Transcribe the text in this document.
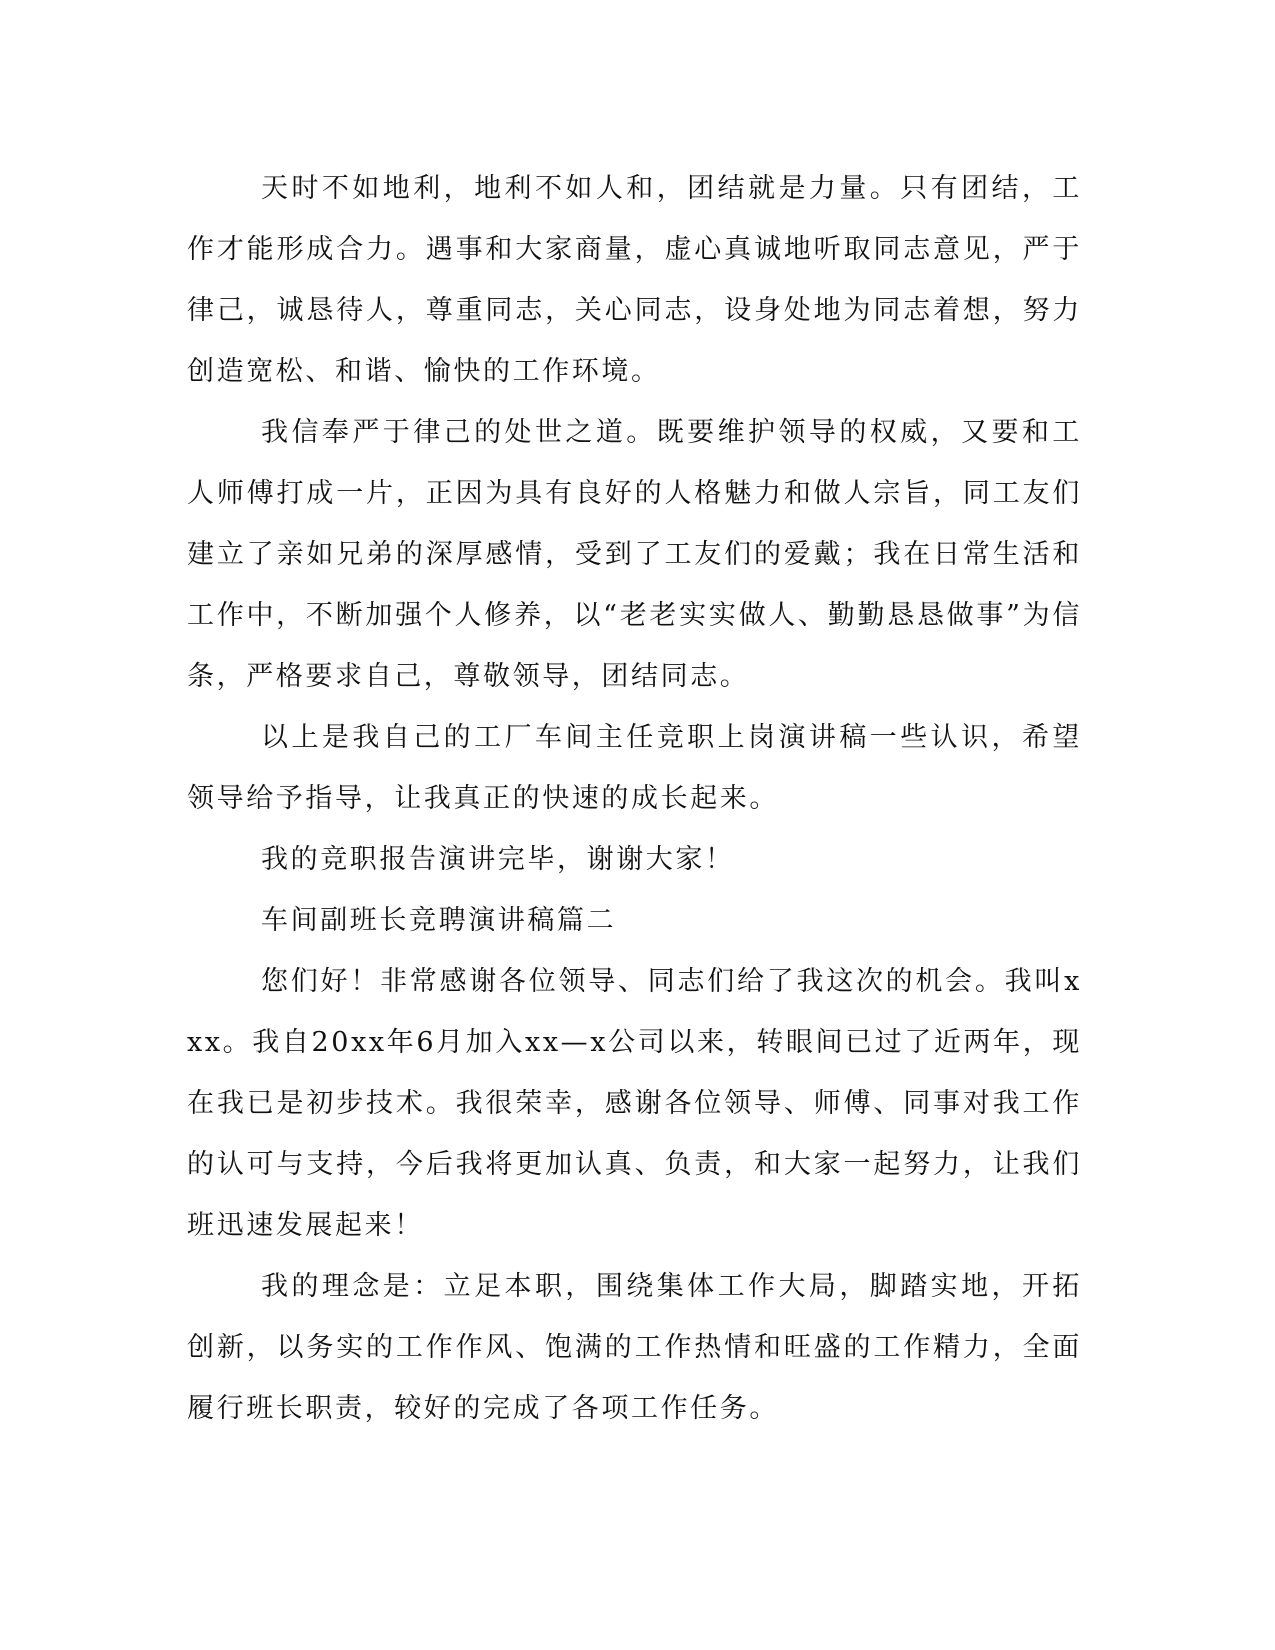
天时不如地利，地利不如人和，团结就是力量。只有团结，工作才能形成合力。遇事和大家商量，虚心真诚地听取同志意见，严于律己，诚恳待人，尊重同志，关心同志，设身处地为同志着想，努力创造宽松、和谐、愉快的工作环境。

我信奉严于律己的处世之道。既要维护领导的权威，又要和工人师傅打成一片，正因为具有良好的人格魅力和做人宗旨，同工友们建立了亲如兄弟的深厚感情，受到了工友们的爱戴；我在日常生活和工作中，不断加强个人修养，以“老老实实做人、勤勤恳恳做事”为信条，严格要求自己，尊敬领导，团结同志。

以上是我自己的工厂车间主任竞职上岗演讲稿一些认识，希望领导给予指导，让我真正的快速的成长起来。

我的竞职报告演讲完毕，谢谢大家！

车间副班长竞聘演讲稿篇二

您们好！非常感谢各位领导、同志们给了我这次的机会。我叫xxx。我自20xx年6月加入xx—x公司以来，转眼间已过了近两年，现在我已是初步技术。我很荣幸，感谢各位领导、师傅、同事对我工作的认可与支持，今后我将更加认真、负责，和大家一起努力，让我们班迅速发展起来！

我的理念是：立足本职，围绕集体工作大局，脚踏实地，开拓创新，以务实的工作作风、饱满的工作热情和旺盛的工作精力，全面履行班长职责，较好的完成了各项工作任务。
